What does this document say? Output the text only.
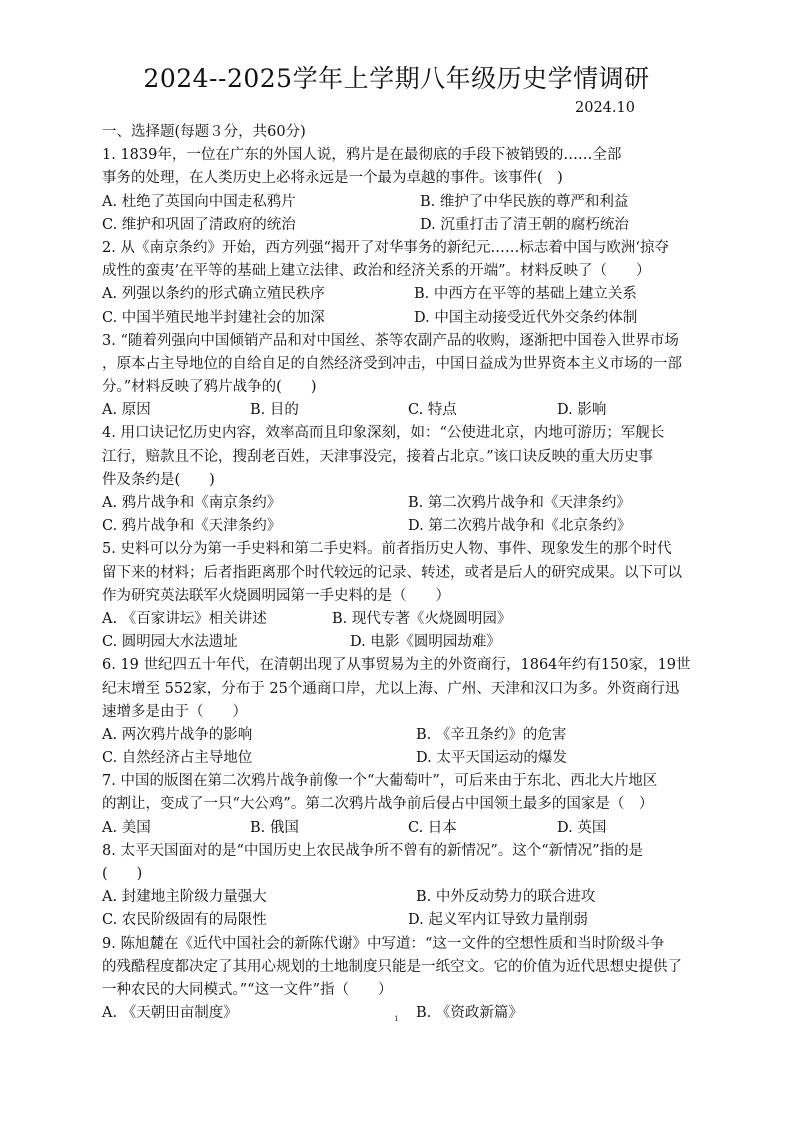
2024--2025学年上学期八年级历史学情调研
2024.10
一、选择题(每题３分，共60分)
1. 1839年，一位在广东的外国人说，鸦片是在最彻底的手段下被销毁的……全部
事务的处理，在人类历史上必将永远是一个最为卓越的事件。该事件(　)
A. 杜绝了英国向中国走私鸦片	B. 维护了中华民族的尊严和利益
C. 维护和巩固了清政府的统治	D. 沉重打击了清王朝的腐朽统治
2. 从《南京条约》开始，西方列强“揭开了对华事务的新纪元……标志着中国与欧洲‘掠夺
成性的蛮夷’在平等的基础上建立法律、政治和经济关系的开端”。材料反映了（　　）
A. 列强以条约的形式确立殖民秩序	B. 中西方在平等的基础上建立关系
C. 中国半殖民地半封建社会的加深	D. 中国主动接受近代外交条约体制
3. “随着列强向中国倾销产品和对中国丝、茶等农副产品的收购，逐渐把中国卷入世界市场
，原本占主导地位的自给自足的自然经济受到冲击，中国日益成为世界资本主义市场的一部
分。”材料反映了鸦片战争的(　　)
A. 原因	B. 目的	C. 特点	D. 影响
4. 用口诀记忆历史内容，效率高而且印象深刻，如：“公使进北京，内地可游历；军舰长
江行，赔款且不论，搜刮老百姓，天津事没完，接着占北京。”该口诀反映的重大历史事
件及条约是(　　)
A. 鸦片战争和《南京条约》	B. 第二次鸦片战争和《天津条约》
C. 鸦片战争和《天津条约》	D. 第二次鸦片战争和《北京条约》
5. 史料可以分为第一手史料和第二手史料。前者指历史人物、事件、现象发生的那个时代
留下来的材料；后者指距离那个时代较远的记录、转述，或者是后人的研究成果。以下可以
作为研究英法联军火烧圆明园第一手史料的是（　　）
A. 《百家讲坛》相关讲述	B. 现代专著《火烧圆明园》
C. 圆明园大水法遗址	D. 电影《圆明园劫难》
6. 19 世纪四五十年代，在清朝出现了从事贸易为主的外资商行，1864年约有150家，19世
纪末增至 552家，分布于 25个通商口岸，尤以上海、广州、天津和汉口为多。外资商行迅
速增多是由于（　　）
A. 两次鸦片战争的影响	B. 《辛丑条约》的危害
C. 自然经济占主导地位	D. 太平天国运动的爆发
7. 中国的版图在第二次鸦片战争前像一个“大葡萄叶”，可后来由于东北、西北大片地区
的割让，变成了一只“大公鸡”。第二次鸦片战争前后侵占中国领土最多的国家是（　）
A. 美国	B. 俄国	C. 日本	D. 英国
8. 太平天国面对的是“中国历史上农民战争所不曾有的新情况”。这个“新情况”指的是
(　　)
A. 封建地主阶级力量强大	B. 中外反动势力的联合进攻
C. 农民阶级固有的局限性	D. 起义军内讧导致力量削弱
9. 陈旭麓在《近代中国社会的新陈代谢》中写道：“这一文件的空想性质和当时阶级斗争
的残酷程度都决定了其用心规划的土地制度只能是一纸空文。它的价值为近代思想史提供了
一种农民的大同模式。”“这一文件”指（　　）
A. 《天朝田亩制度》	B. 《资政新篇》
1
